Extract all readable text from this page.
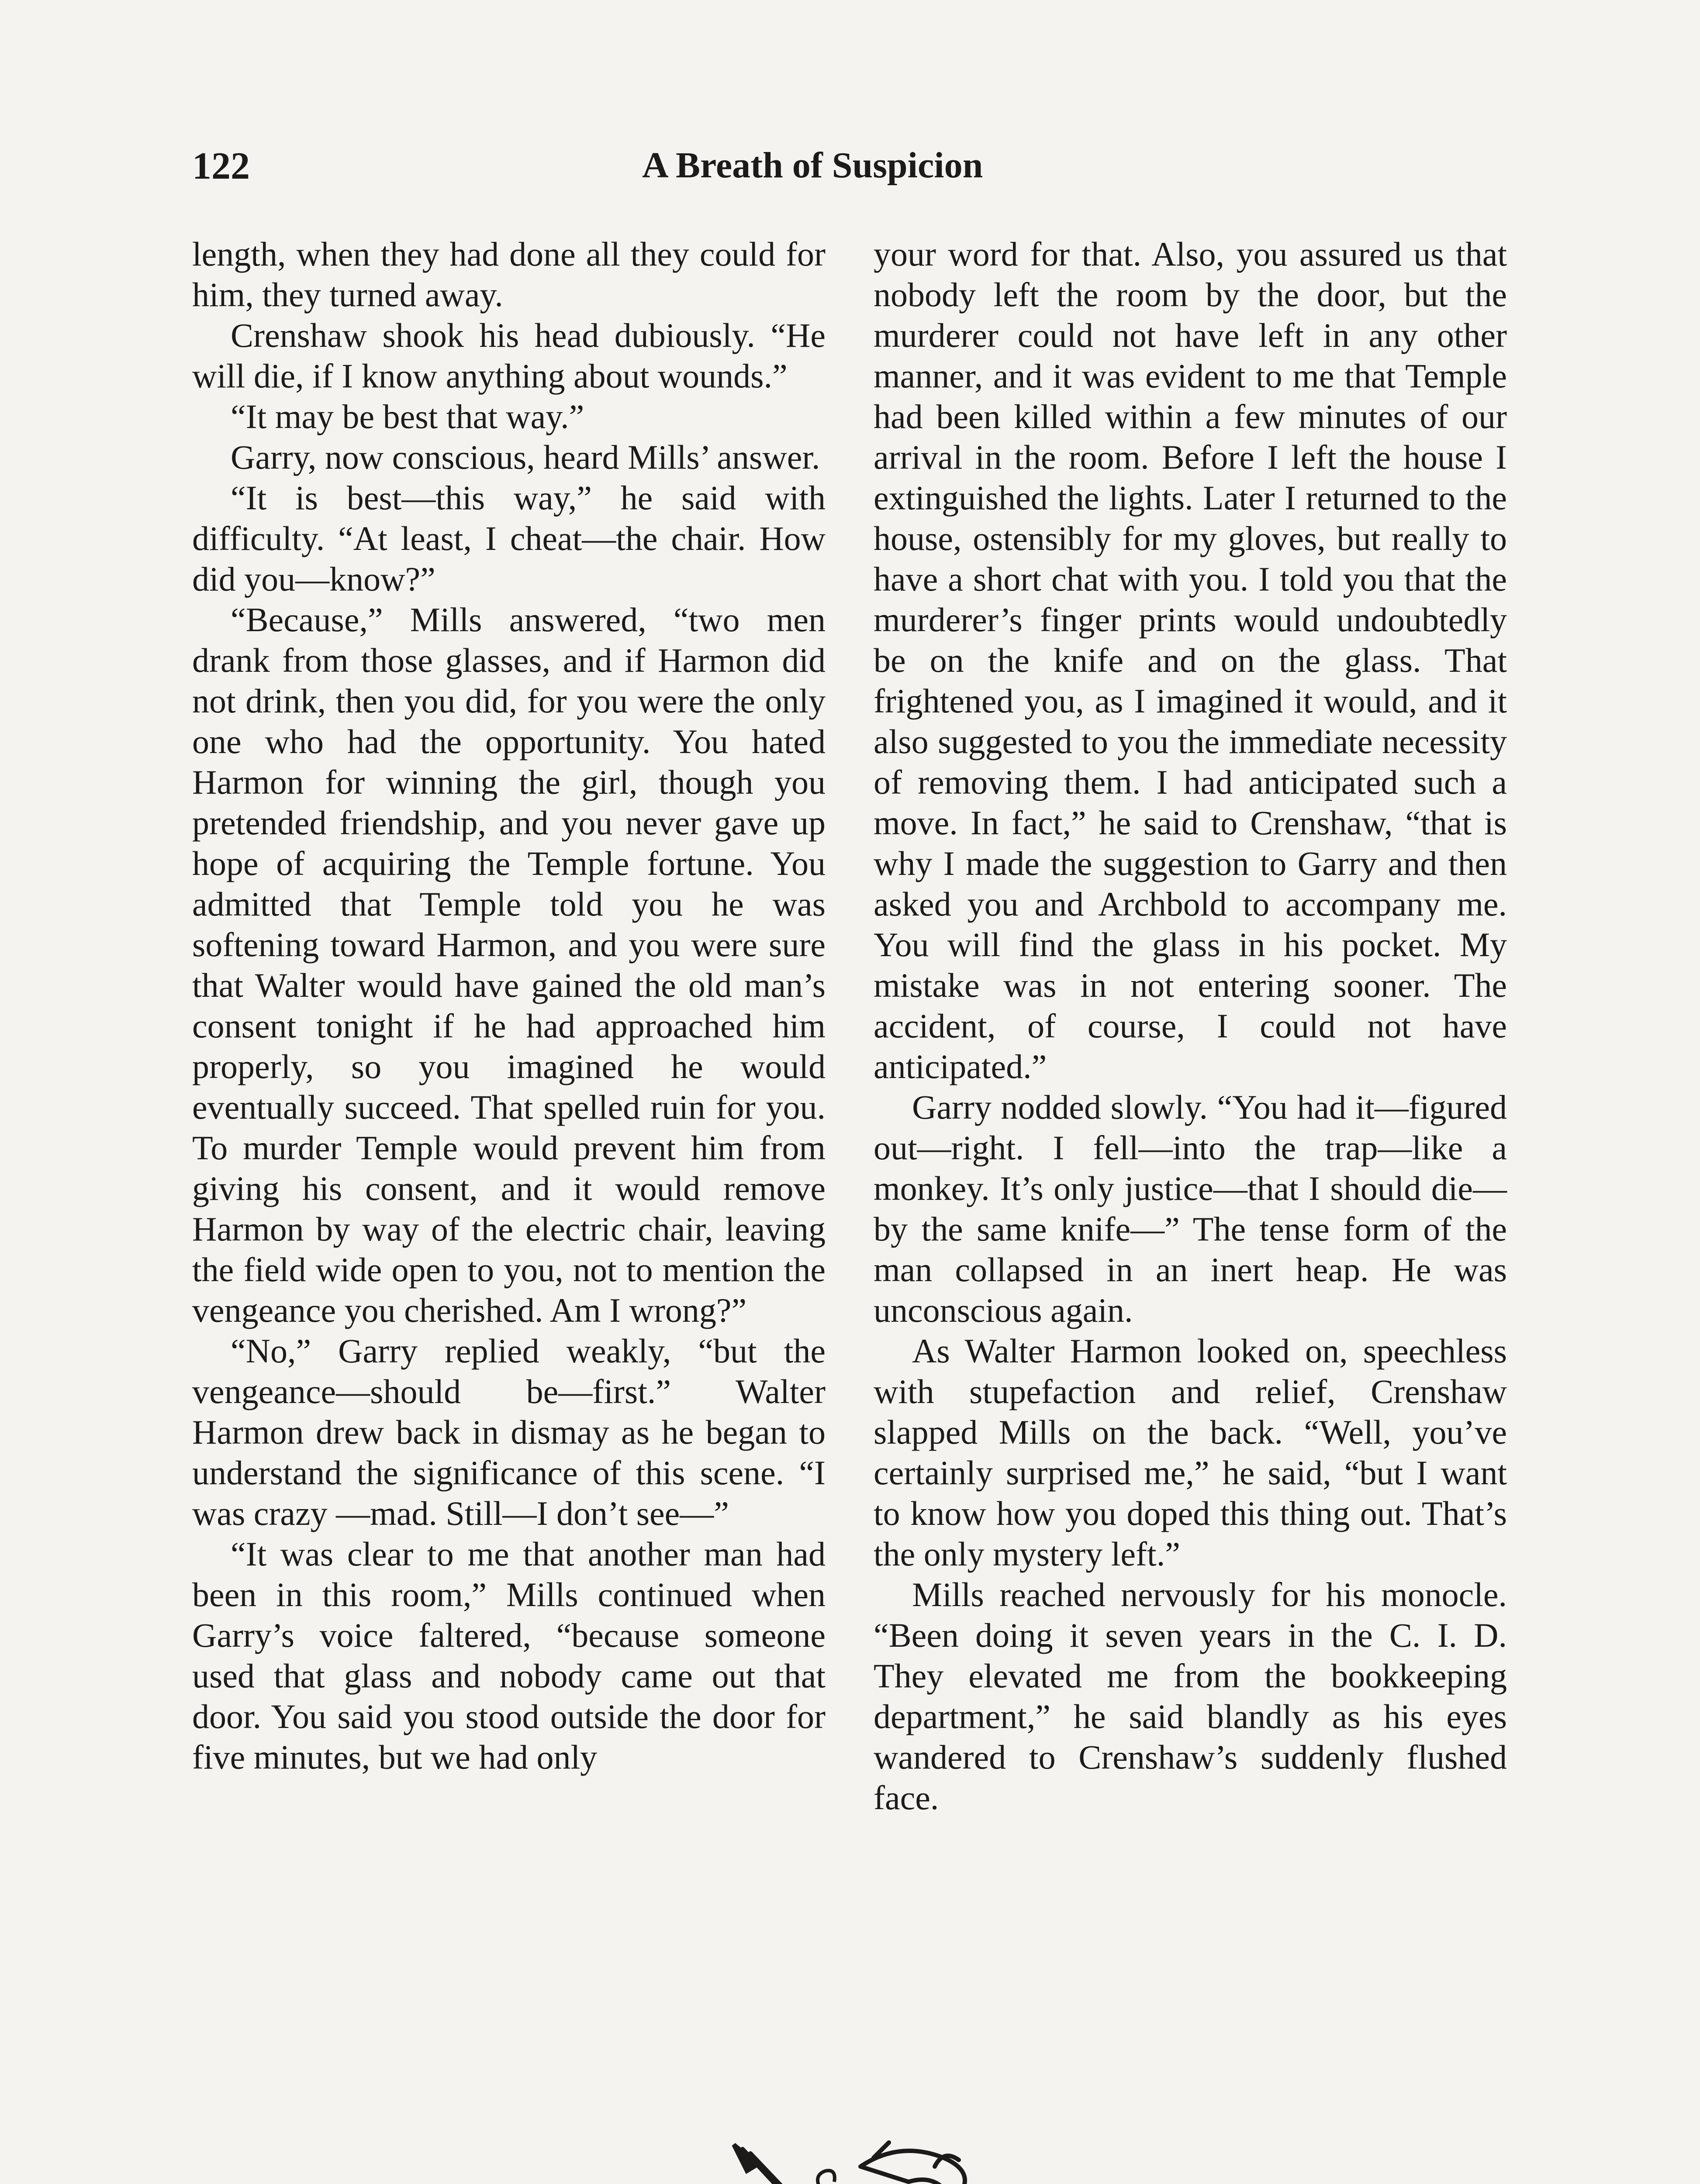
122	A Breath of Suspicion

length, when they had done all they could for him, they turned away.

Crenshaw shook his head dubiously. “He will die, if I know anything about wounds.”

“It may be best that way.”

Garry, now conscious, heard Mills’ answer.

“It is best—this way,” he said with difficulty. “At least, I cheat—the chair. How did you—know?”

“Because,” Mills answered, “two men drank from those glasses, and if Harmon did not drink, then you did, for you were the only one who had the opportunity. You hated Harmon for winning the girl, though you pretended friendship, and you never gave up hope of acquiring the Temple fortune. You admitted that Temple told you he was softening toward Harmon, and you were sure that Walter would have gained the old man’s consent tonight if he had approached him properly, so you imagined he would eventually succeed. That spelled ruin for you. To murder Temple would prevent him from giving his consent, and it would remove Harmon by way of the electric chair, leaving the field wide open to you, not to mention the vengeance you cherished. Am I wrong?”

“No,” Garry replied weakly, “but the vengeance—should be—first.” Walter Harmon drew back in dismay as he began to understand the significance of this scene. “I was crazy —mad. Still—I don’t see—”

“It was clear to me that another man had been in this room,” Mills continued when Garry’s voice faltered, “because someone used that glass and nobody came out that door. You said you stood outside the door for five minutes, but we had only

your word for that. Also, you assured us that nobody left the room by the door, but the murderer could not have left in any other manner, and it was evident to me that Temple had been killed within a few minutes of our arrival in the room. Before I left the house I extinguished the lights. Later I returned to the house, ostensibly for my gloves, but really to have a short chat with you. I told you that the murderer’s finger prints would undoubtedly be on the knife and on the glass. That frightened you, as I imagined it would, and it also suggested to you the immediate necessity of removing them. I had anticipated such a move. In fact,” he said to Crenshaw, “that is why I made the suggestion to Garry and then asked you and Archbold to accompany me. You will find the glass in his pocket. My mistake was in not entering sooner. The accident, of course, I could not have anticipated.”

Garry nodded slowly. “You had it—figured out—right. I fell—into the trap—like a monkey. It’s only justice—that I should die—by the same knife—” The tense form of the man collapsed in an inert heap. He was unconscious again.

As Walter Harmon looked on, speechless with stupefaction and relief, Crenshaw slapped Mills on the back. “Well, you’ve certainly surprised me,” he said, “but I want to know how you doped this thing out. That’s the only mystery left.”

Mills reached nervously for his monocle. “Been doing it seven years in the C. I. D. They elevated me from the bookkeeping department,” he said blandly as his eyes wandered to Crenshaw’s suddenly flushed face.
